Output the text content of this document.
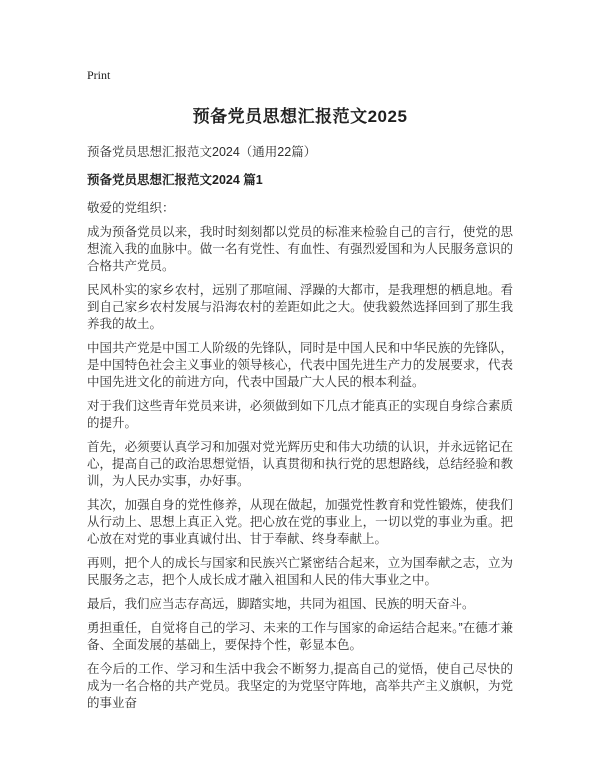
Print
预备党员思想汇报范文2025
预备党员思想汇报范文2024（通用22篇）
预备党员思想汇报范文2024 篇1
敬爱的党组织：

成为预备党员以来，我时时刻刻都以党员的标准来检验自己的言行，使党的思想流入我的血脉中。做一名有党性、有血性、有强烈爱国和为人民服务意识的合格共产党员。

民风朴实的家乡农村，远别了那喧闹、浮躁的大都市，是我理想的栖息地。看到自己家乡农村发展与沿海农村的差距如此之大。使我毅然选择回到了那生我养我的故土。

中国共产党是中国工人阶级的先锋队，同时是中国人民和中华民族的先锋队，是中国特色社会主义事业的领导核心，代表中国先进生产力的发展要求，代表中国先进文化的前进方向，代表中国最广大人民的根本利益。

对于我们这些青年党员来讲，必须做到如下几点才能真正的实现自身综合素质的提升。

首先，必须要认真学习和加强对党光辉历史和伟大功绩的认识，并永远铭记在心，提高自己的政治思想觉悟，认真贯彻和执行党的思想路线，总结经验和教训，为人民办实事，办好事。

其次，加强自身的党性修养，从现在做起，加强党性教育和党性锻炼，使我们从行动上、思想上真正入党。把心放在党的事业上，一切以党的事业为重。把心放在对党的事业真诚付出、甘于奉献、终身奉献上。

再则，把个人的成长与国家和民族兴亡紧密结合起来，立为国奉献之志，立为民服务之志，把个人成长成才融入祖国和人民的伟大事业之中。

最后，我们应当志存高远，脚踏实地，共同为祖国、民族的明天奋斗。

勇担重任，自觉将自己的学习、未来的工作与国家的命运结合起来。”在德才兼备、全面发展的基础上，要保持个性，彰显本色。

在今后的工作、学习和生活中我会不断努力,提高自己的觉悟，使自己尽快的成为一名合格的共产党员。我坚定的为党坚守阵地，高举共产主义旗帜，为党的事业奋
